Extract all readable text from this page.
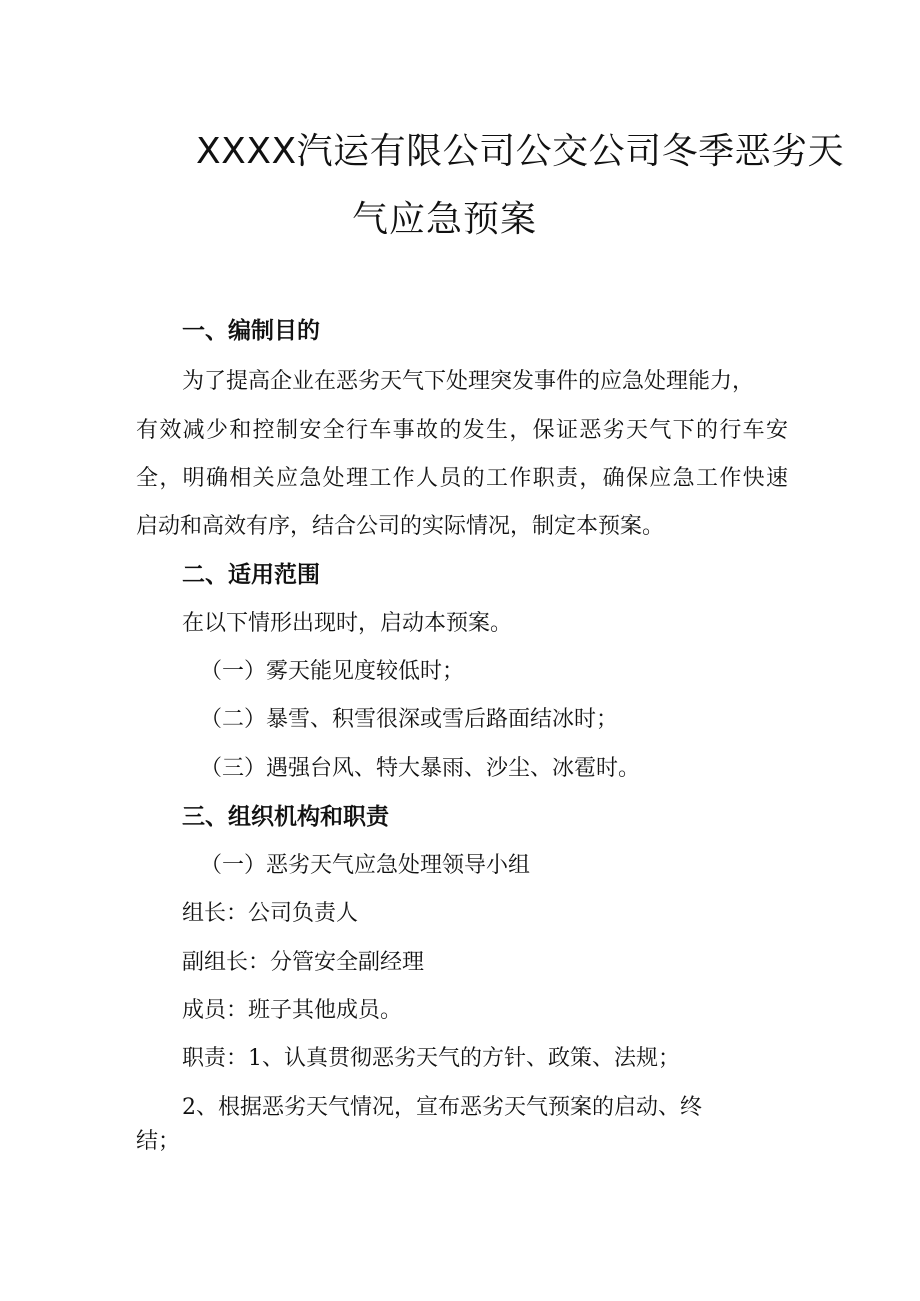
XXXX汽运有限公司公交公司冬季恶劣天
气应急预案
一、编制目的
为了提高企业在恶劣天气下处理突发事件的应急处理能力，
有效减少和控制安全行车事故的发生，保证恶劣天气下的行车安
全，明确相关应急处理工作人员的工作职责，确保应急工作快速
启动和高效有序，结合公司的实际情况，制定本预案。
二、适用范围
在以下情形出现时，启动本预案。
（一）雾天能见度较低时；
（二）暴雪、积雪很深或雪后路面结冰时；
（三）遇强台风、特大暴雨、沙尘、冰雹时。
三、组织机构和职责
（一）恶劣天气应急处理领导小组
组长：公司负责人
副组长：分管安全副经理
成员：班子其他成员。
职责：1、认真贯彻恶劣天气的方针、政策、法规；
2、根据恶劣天气情况，宣布恶劣天气预案的启动、终
结；
